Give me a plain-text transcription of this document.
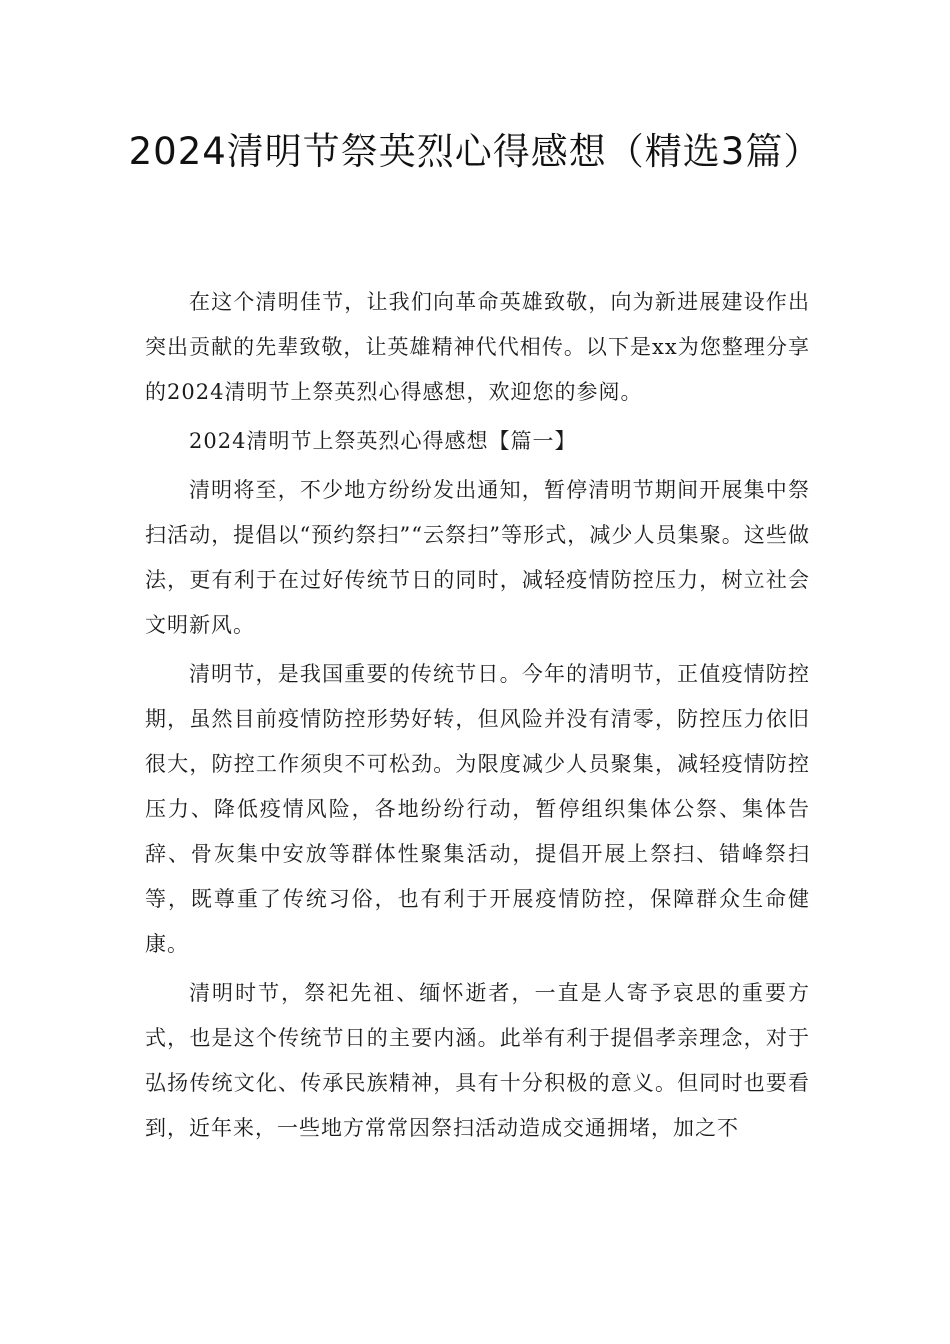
2024清明节祭英烈心得感想（精选3篇）

在这个清明佳节，让我们向革命英雄致敬，向为新进展建设作出突出贡献的先辈致敬，让英雄精神代代相传。以下是xx为您整理分享的2024清明节上祭英烈心得感想，欢迎您的参阅。

2024清明节上祭英烈心得感想【篇一】

清明将至，不少地方纷纷发出通知，暂停清明节期间开展集中祭扫活动，提倡以“预约祭扫”“云祭扫”等形式，减少人员集聚。这些做法，更有利于在过好传统节日的同时，减轻疫情防控压力，树立社会文明新风。

清明节，是我国重要的传统节日。今年的清明节，正值疫情防控期，虽然目前疫情防控形势好转，但风险并没有清零，防控压力依旧很大，防控工作须臾不可松劲。为限度减少人员聚集，减轻疫情防控压力、降低疫情风险，各地纷纷行动，暂停组织集体公祭、集体告辞、骨灰集中安放等群体性聚集活动，提倡开展上祭扫、错峰祭扫等，既尊重了传统习俗，也有利于开展疫情防控，保障群众生命健康。

清明时节，祭祀先祖、缅怀逝者，一直是人寄予哀思的重要方式，也是这个传统节日的主要内涵。此举有利于提倡孝亲理念，对于弘扬传统文化、传承民族精神，具有十分积极的意义。但同时也要看到，近年来，一些地方常常因祭扫活动造成交通拥堵，加之不
